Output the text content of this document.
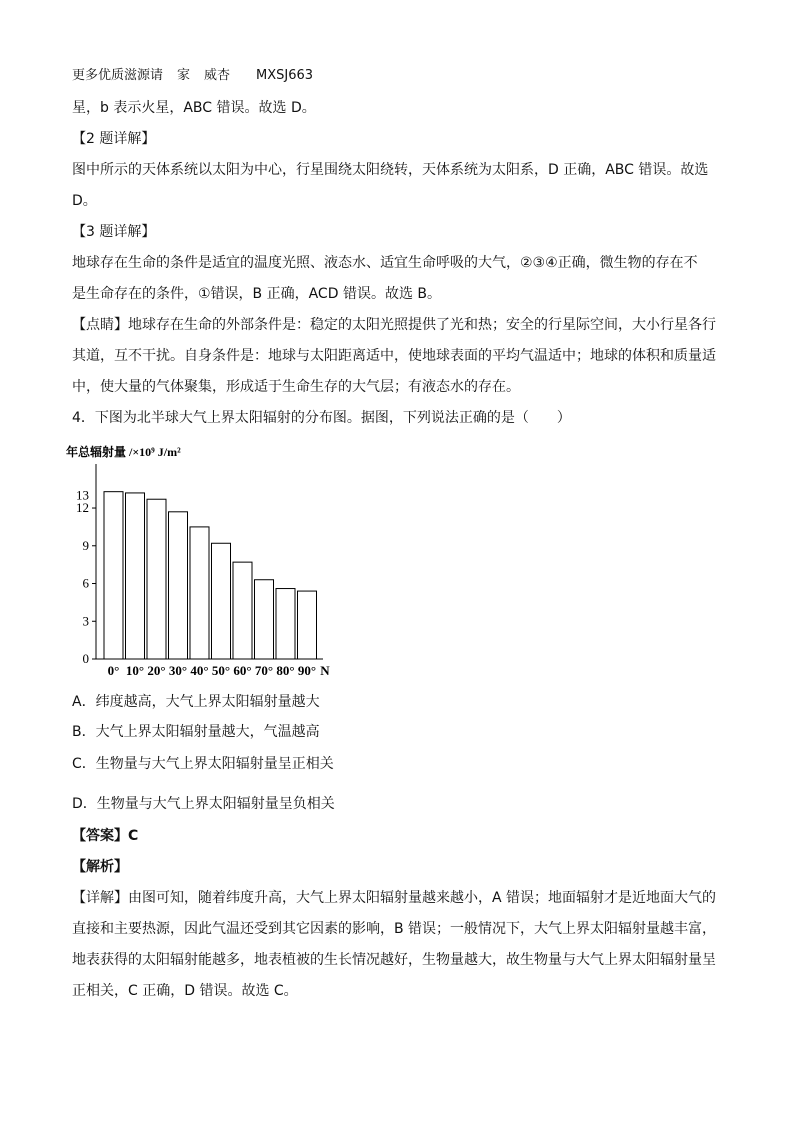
更多优质滋源请 家 威杏 MXSJ663
星，b 表示火星，ABC 错误。故选 D。
【2 题详解】
图中所示的天体系统以太阳为中心，行星围绕太阳绕转，天体系统为太阳系，D 正确，ABC 错误。故选
D。
【3 题详解】
地球存在生命的条件是适宜的温度光照、液态水、适宜生命呼吸的大气，②③④正确，微生物的存在不
是生命存在的条件，①错误，B 正确，ACD 错误。故选 B。
【点睛】地球存在生命的外部条件是：稳定的太阳光照提供了光和热；安全的行星际空间，大小行星各行
其道，互不干扰。自身条件是：地球与太阳距离适中，使地球表面的平均气温适中；地球的体积和质量适
中，使大量的气体聚集，形成适于生命生存的大气层；有液态水的存在。
4．下图为北半球大气上界太阳辐射的分布图。据图，下列说法正确的是（　　）
年总辐射量 /×10⁹ J/m²
0
3
6
9
12
13
0° 10° 20° 30° 40° 50° 60° 70° 80° 90° N
A．纬度越高，大气上界太阳辐射量越大
B．大气上界太阳辐射量越大，气温越高
C．生物量与大气上界太阳辐射量呈正相关
D．生物量与大气上界太阳辐射量呈负相关
【答案】C
【解析】
【详解】由图可知，随着纬度升高，大气上界太阳辐射量越来越小，A 错误；地面辐射才是近地面大气的
直接和主要热源，因此气温还受到其它因素的影响，B 错误；一般情况下，大气上界太阳辐射量越丰富，
地表获得的太阳辐射能越多，地表植被的生长情况越好，生物量越大，故生物量与大气上界太阳辐射量呈
正相关，C 正确，D 错误。故选 C。
